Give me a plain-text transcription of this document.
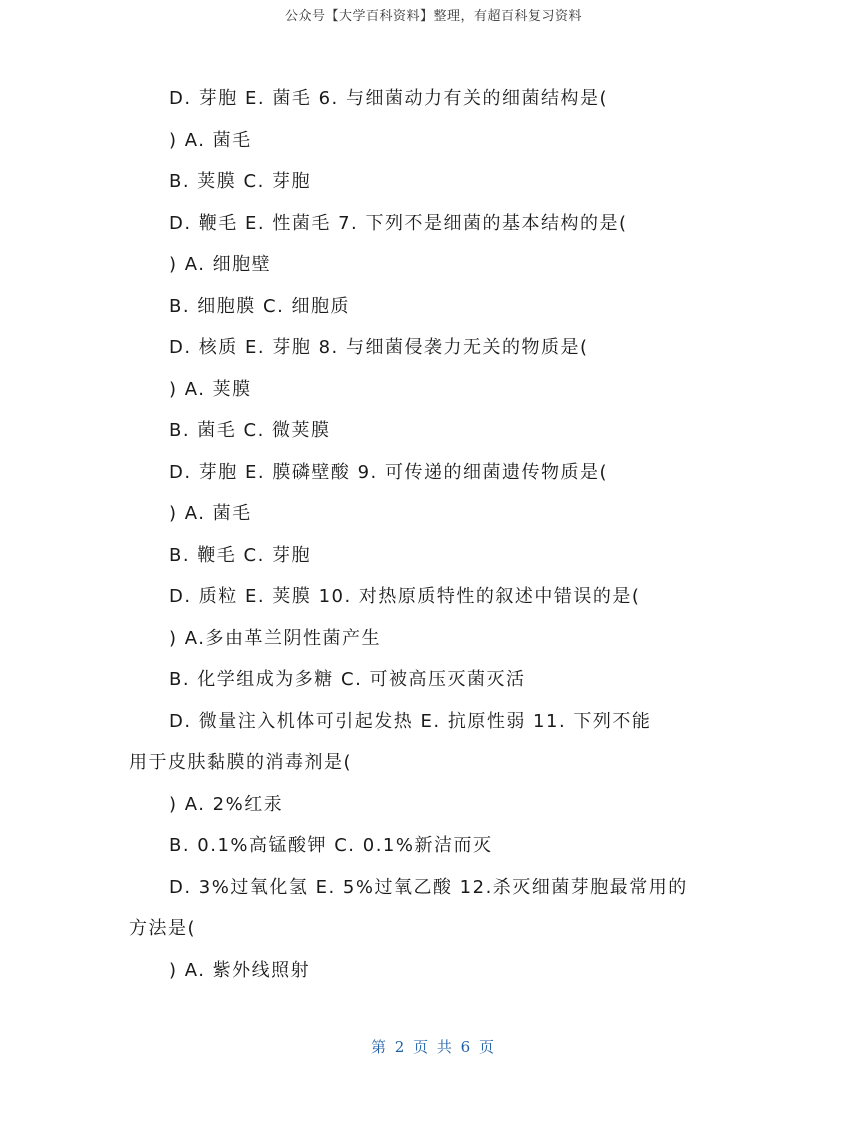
公众号【大学百科资料】整理，有超百科复习资料
D. 芽胞 E. 菌毛 6. 与细菌动力有关的细菌结构是(
) A. 菌毛
B. 荚膜 C. 芽胞
D. 鞭毛 E. 性菌毛 7. 下列不是细菌的基本结构的是(
) A. 细胞壁
B. 细胞膜 C. 细胞质
D. 核质 E. 芽胞 8. 与细菌侵袭力无关的物质是(
) A. 荚膜
B. 菌毛 C. 微荚膜
D. 芽胞 E. 膜磷壁酸 9. 可传递的细菌遗传物质是(
) A. 菌毛
B. 鞭毛 C. 芽胞
D. 质粒 E. 荚膜 10. 对热原质特性的叙述中错误的是(
) A.多由革兰阴性菌产生
B. 化学组成为多糖 C. 可被高压灭菌灭活
D. 微量注入机体可引起发热 E. 抗原性弱 11. 下列不能
用于皮肤黏膜的消毒剂是(
) A. 2%红汞
B. 0.1%高锰酸钾 C. 0.1%新洁而灭
D. 3%过氧化氢 E. 5%过氧乙酸 12.杀灭细菌芽胞最常用的
方法是(
) A. 紫外线照射
第 2 页 共 6 页
